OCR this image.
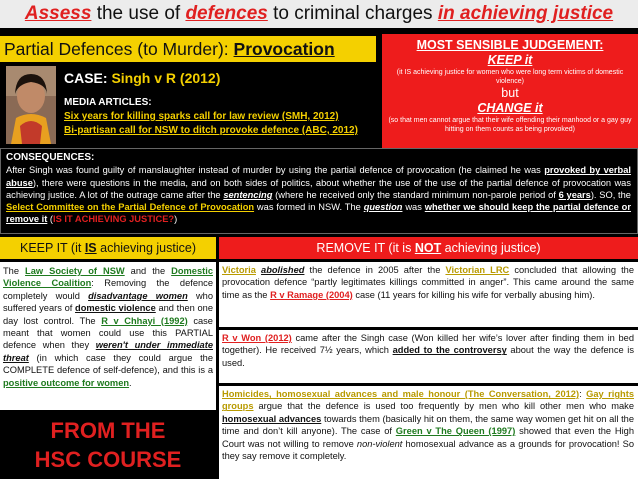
Assess the use of defences to criminal charges in achieving justice
Partial Defences (to Murder): Provocation	MOST SENSIBLE JUDGEMENT:
KEEP it
(it IS achieving justice for women who were long term victims of domestic violence)
but
CHANGE it
(so that men cannot argue that their wife offending their manhood or a gay guy hitting on them counts as being provoked)
CASE: Singh v R (2012)
MEDIA ARTICLES:
Six years for killing sparks call for law review (SMH, 2012)
Bi-partisan call for NSW to ditch provoke defence (ABC, 2012)
CONSEQUENCES:
After Singh was found guilty of manslaughter instead of murder by using the partial defence of provocation (he claimed he was provoked by verbal abuse), there were questions in the media, and on both sides of politics, about whether the use of the use of the partial defence of provocation was achieving justice. A lot of the outrage came after the sentencing (where he received only the standard minimum non-parole period of 6 years). SO, the Select Committee on the Partial Defence of Provocation was formed in NSW. The question was whether we should keep the partial defence or remove it (IS IT ACHIEVING JUSTICE?)
KEEP IT (it IS achieving justice)	REMOVE IT (it is NOT achieving justice)
The Law Society of NSW and the Domestic Violence Coalition: Removing the defence completely would disadvantage women who suffered years of domestic violence and then one day lost control. The R v Chhayi (1992) case meant that women could use this PARTIAL defence when they weren't under immediate threat (in which case they could argue the COMPLETE defence of self-defence), and this is a positive outcome for women.
FROM THE
HSC COURSE
Victoria abolished the defence in 2005 after the Victorian LRC concluded that allowing the provocation defence “partly legitimates killings committed in anger”. This came around the same time as the R v Ramage (2004) case (11 years for killing his wife for verbally abusing him).
R v Won (2012) came after the Singh case (Won killed her wife’s lover after finding them in bed together). He received 7½ years, which added to the controversy about the way the defence is used.
Homicides, homosexual advances and male honour (The Conversation, 2012): Gay rights groups argue that the defence is used too frequently by men who kill other men who make homosexual advances towards them (basically hit on them, the same way women get hit on all the time and don’t kill anyone). The case of Green v The Queen (1997) showed that even the High Court was not willing to remove non-violent homosexual advance as a grounds for provocation! So they say remove it completely.
